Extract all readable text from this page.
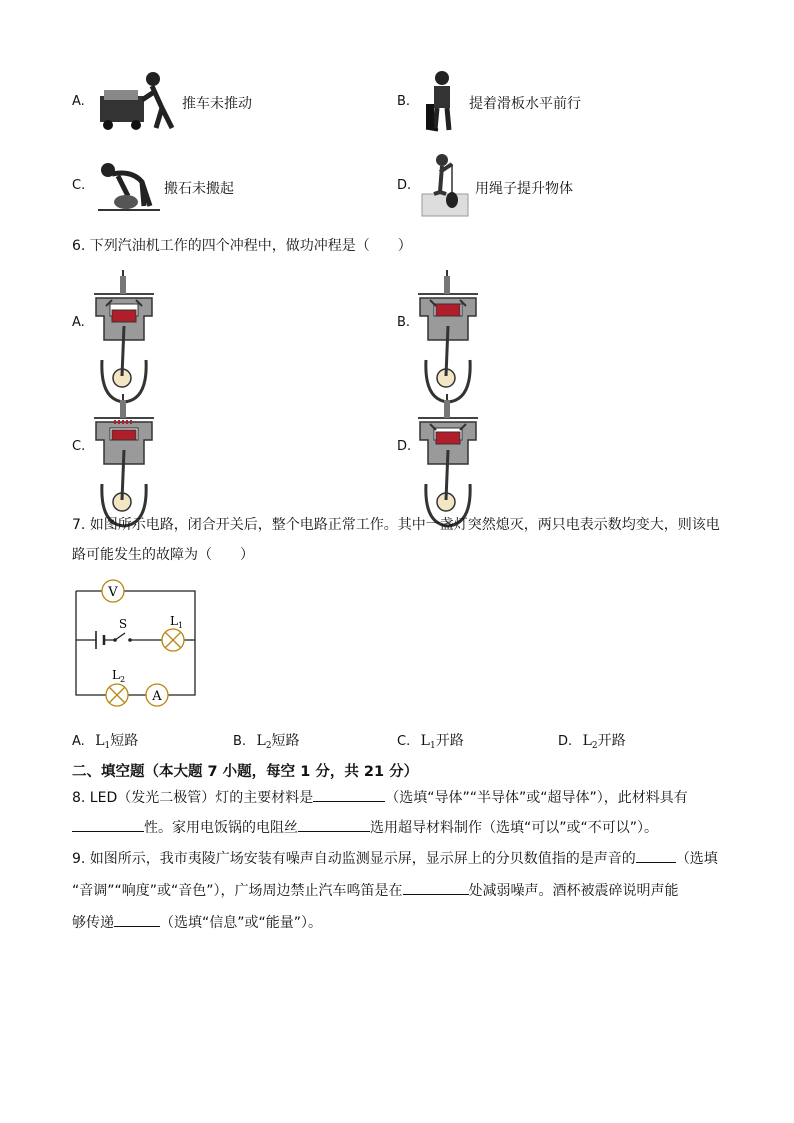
A.	推车未推动	B.	提着滑板水平前行
C.	搬石未搬起	D.	用绳子提升物体
6. 下列汽油机工作的四个冲程中，做功冲程是（　　）
A.	B.
C.	D.
7. 如图所示电路，闭合开关后，整个电路正常工作。其中一盏灯突然熄灭，两只电表示数均变大，则该电
路可能发生的故障为（　　）
V
A
S	$L_1$
$L_2$
A. $L_1$短路	B. $L_2$短路	C. $L_1$开路	D. $L_2$开路
二、填空题（本大题 7 小题，每空 1 分，共 21 分）
8. LED（发光二极管）灯的主要材料是	（选填“导体”“半导体”或“超导体”），此材料具有
性。家用电饭锅的电阻丝	选用超导材料制作（选填“可以”或“不可以”）。
9. 如图所示，我市夷陵广场安装有噪声自动监测显示屏，显示屏上的分贝数值指的是声音的	（选填
“音调”“响度”或“音色”），广场周边禁止汽车鸣笛是在	处减弱噪声。酒杯被震碎说明声能
够传递	（选填“信息”或“能量”）。
